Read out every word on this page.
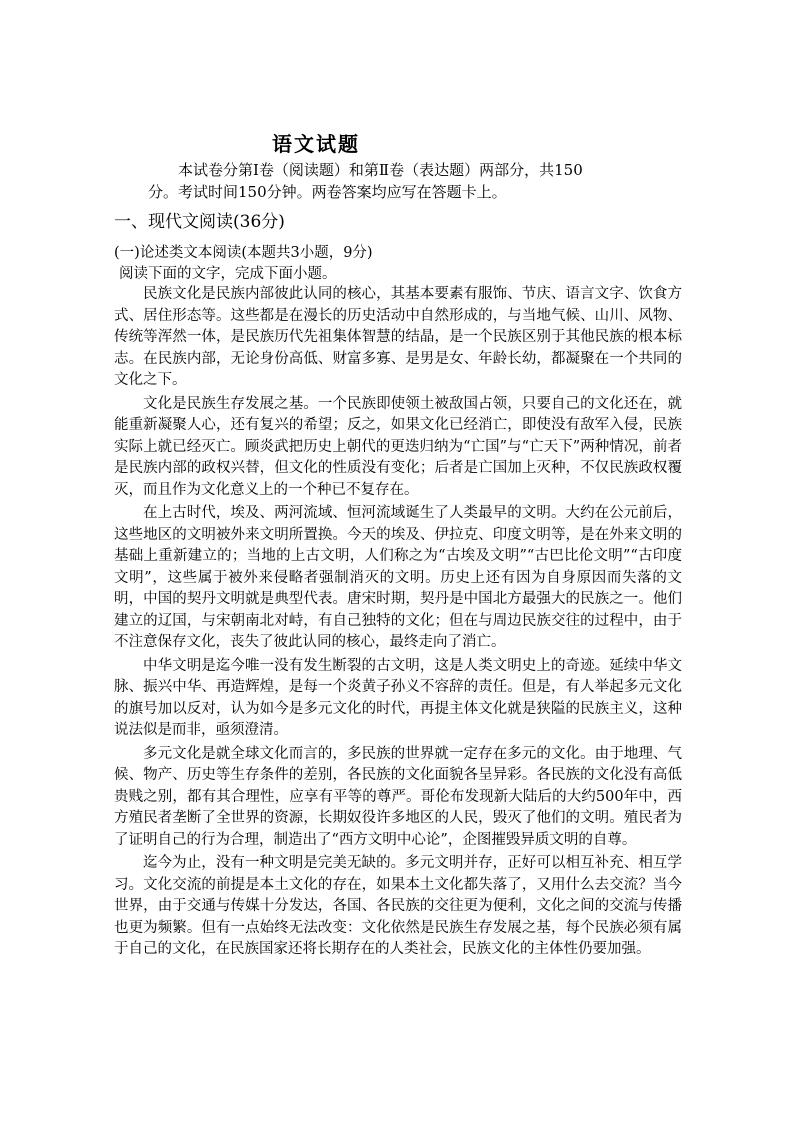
语文试题
本试卷分第Ⅰ卷（阅读题）和第Ⅱ卷（表达题）两部分，共150
分。考试时间150分钟。两卷答案均应写在答题卡上。
一、现代文阅读(36分)
(一)论述类文本阅读(本题共3小题，9分)
阅读下面的文字，完成下面小题。

民族文化是民族内部彼此认同的核心，其基本要素有服饰、节庆、语言文字、饮食方式、居住形态等。这些都是在漫长的历史活动中自然形成的，与当地气候、山川、风物、传统等浑然一体，是民族历代先祖集体智慧的结晶，是一个民族区别于其他民族的根本标志。在民族内部，无论身份高低、财富多寡、是男是女、年龄长幼，都凝聚在一个共同的文化之下。

文化是民族生存发展之基。一个民族即使领土被敌国占领，只要自己的文化还在，就能重新凝聚人心，还有复兴的希望；反之，如果文化已经消亡，即使没有敌军入侵，民族实际上就已经灭亡。顾炎武把历史上朝代的更迭归纳为“亡国”与“亡天下”两种情况，前者是民族内部的政权兴替，但文化的性质没有变化；后者是亡国加上灭种，不仅民族政权覆灭，而且作为文化意义上的一个种已不复存在。

在上古时代，埃及、两河流域、恒河流域诞生了人类最早的文明。大约在公元前后，这些地区的文明被外来文明所置换。今天的埃及、伊拉克、印度文明等，是在外来文明的基础上重新建立的；当地的上古文明，人们称之为“古埃及文明”“古巴比伦文明”“古印度文明”，这些属于被外来侵略者强制消灭的文明。历史上还有因为自身原因而失落的文明，中国的契丹文明就是典型代表。唐宋时期，契丹是中国北方最强大的民族之一。他们建立的辽国，与宋朝南北对峙，有自己独特的文化；但在与周边民族交往的过程中，由于不注意保存文化，丧失了彼此认同的核心，最终走向了消亡。

中华文明是迄今唯一没有发生断裂的古文明，这是人类文明史上的奇迹。延续中华文脉、振兴中华、再造辉煌，是每一个炎黄子孙义不容辞的责任。但是，有人举起多元文化的旗号加以反对，认为如今是多元文化的时代，再提主体文化就是狭隘的民族主义，这种说法似是而非，亟须澄清。

多元文化是就全球文化而言的，多民族的世界就一定存在多元的文化。由于地理、气候、物产、历史等生存条件的差别，各民族的文化面貌各呈异彩。各民族的文化没有高低贵贱之别，都有其合理性，应享有平等的尊严。哥伦布发现新大陆后的大约500年中，西方殖民者垄断了全世界的资源，长期奴役许多地区的人民，毁灭了他们的文明。殖民者为了证明自己的行为合理，制造出了“西方文明中心论”，企图摧毁异质文明的自尊。

迄今为止，没有一种文明是完美无缺的。多元文明并存，正好可以相互补充、相互学习。文化交流的前提是本土文化的存在，如果本土文化都失落了，又用什么去交流？当今世界，由于交通与传媒十分发达，各国、各民族的交往更为便利，文化之间的交流与传播也更为频繁。但有一点始终无法改变：文化依然是民族生存发展之基，每个民族必须有属于自己的文化，在民族国家还将长期存在的人类社会，民族文化的主体性仍要加强。
